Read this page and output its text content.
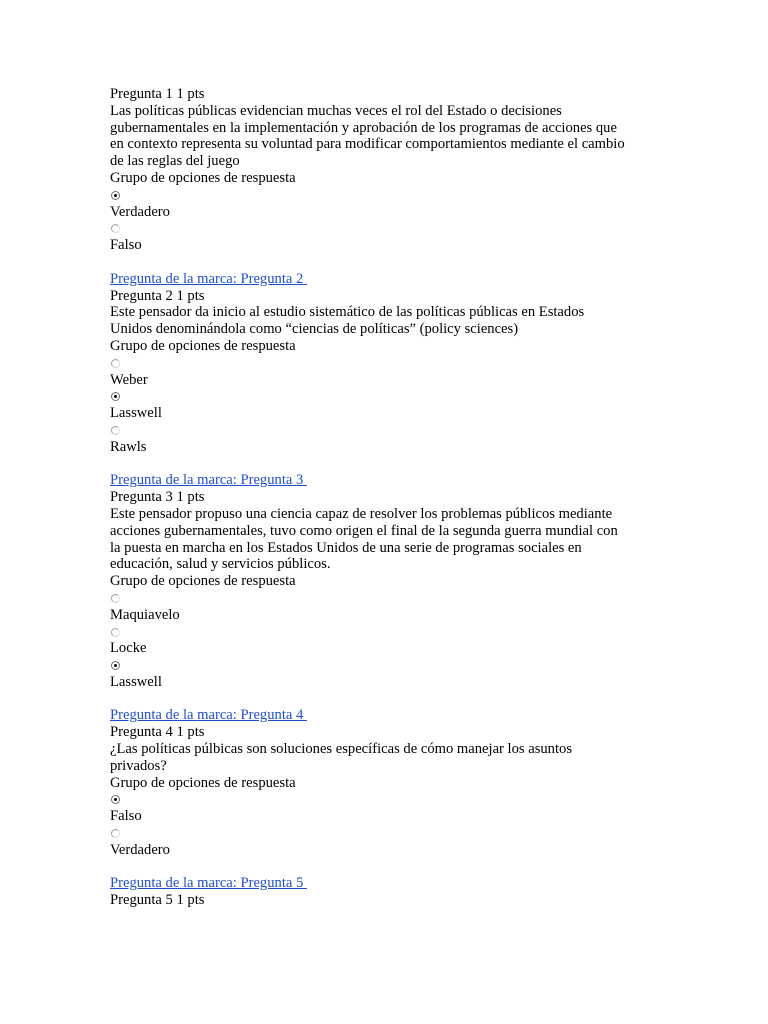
Pregunta 1 1 pts
Las políticas públicas evidencian muchas veces el rol del Estado o decisiones
gubernamentales en la implementación y aprobación de los programas de acciones que
en contexto representa su voluntad para modificar comportamientos mediante el cambio
de las reglas del juego
Grupo de opciones de respuesta
Verdadero
Falso
Pregunta de la marca: Pregunta 2
Pregunta 2 1 pts
Este pensador da inicio al estudio sistemático de las políticas públicas en Estados
Unidos denominándola como “ciencias de políticas” (policy sciences)
Grupo de opciones de respuesta
Weber
Lasswell
Rawls
Pregunta de la marca: Pregunta 3
Pregunta 3 1 pts
Este pensador propuso una ciencia capaz de resolver los problemas públicos mediante
acciones gubernamentales, tuvo como origen el final de la segunda guerra mundial con
la puesta en marcha en los Estados Unidos de una serie de programas sociales en
educación, salud y servicios públicos.
Grupo de opciones de respuesta
Maquiavelo
Locke
Lasswell
Pregunta de la marca: Pregunta 4
Pregunta 4 1 pts
¿Las políticas púlbicas son soluciones específicas de cómo manejar los asuntos
privados?
Grupo de opciones de respuesta
Falso
Verdadero
Pregunta de la marca: Pregunta 5
Pregunta 5 1 pts
